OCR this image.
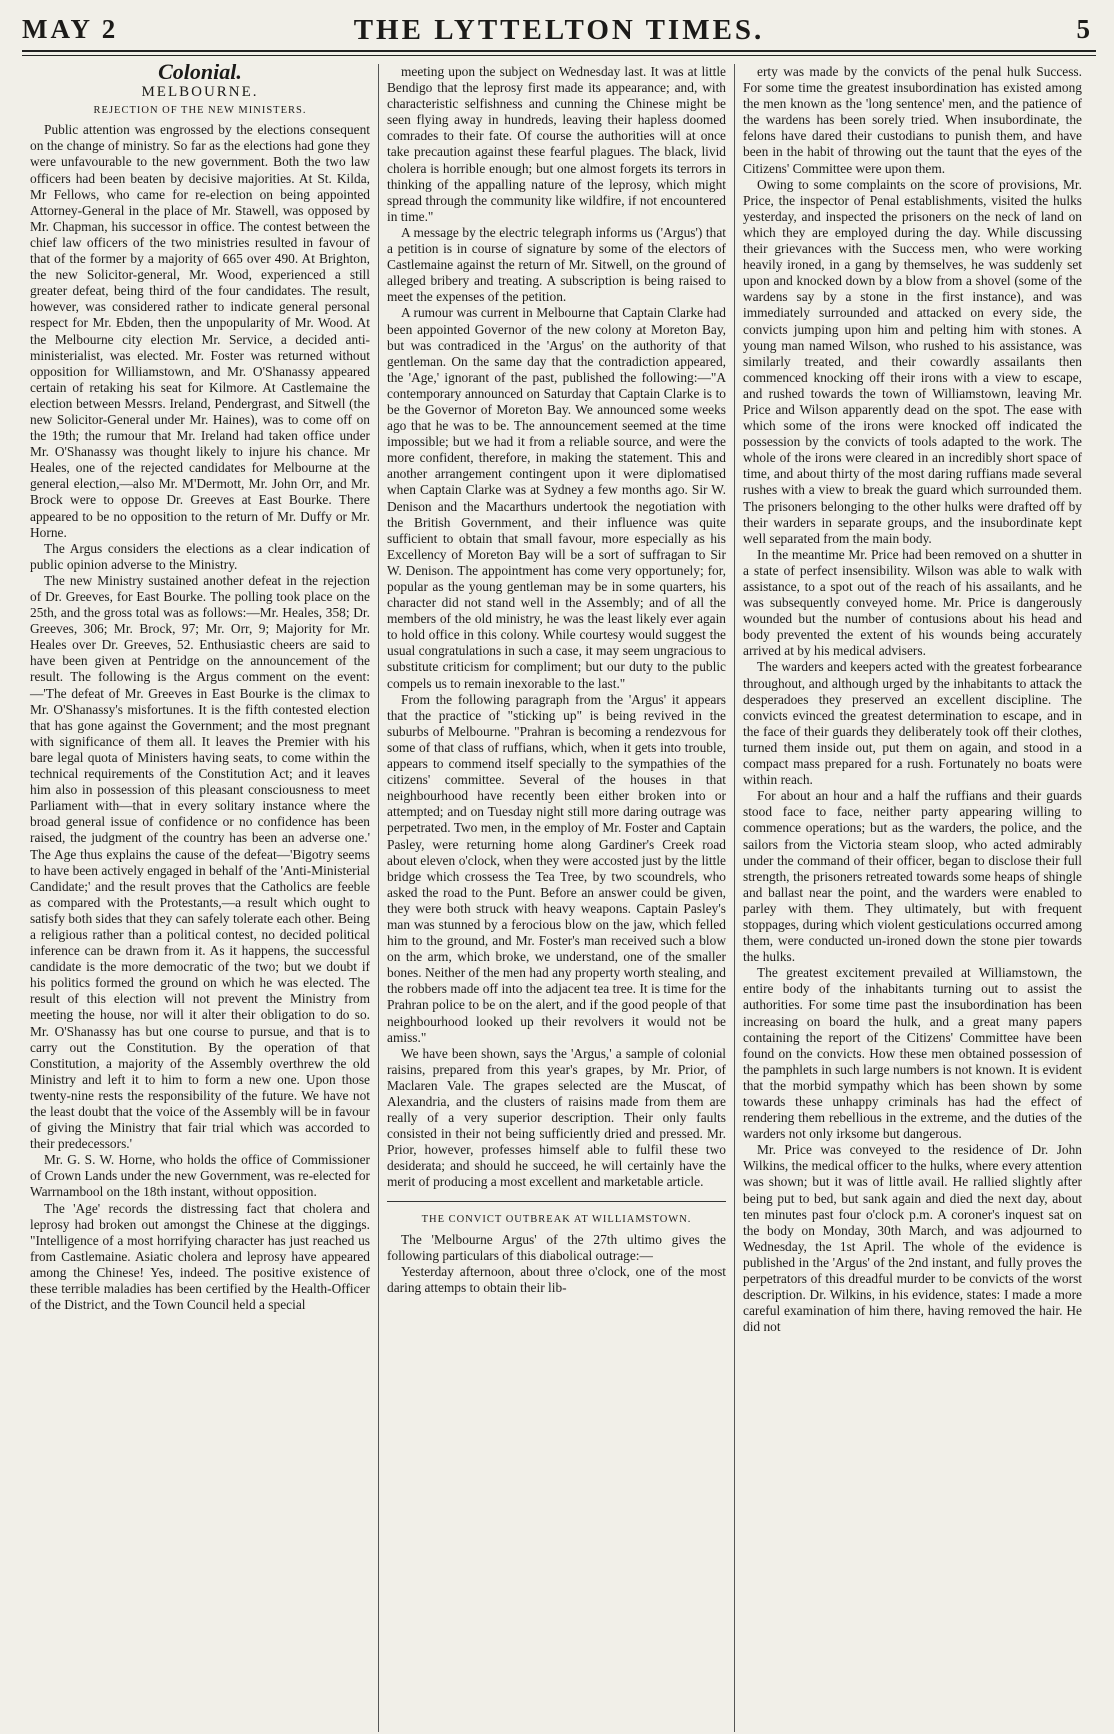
MAY 2	THE LYTTELTON TIMES.	5
Colonial.
MELBOURNE.
REJECTION OF THE NEW MINISTERS.

Public attention was engrossed by the elections consequent on the change of ministry. So far as the elections had gone they were unfavourable to the new government. Both the two law officers had been beaten by decisive majorities. At St. Kilda, Mr Fellows, who came for re-election on being appointed Attorney-General in the place of Mr. Stawell, was opposed by Mr. Chapman, his successor in office. The contest between the chief law officers of the two ministries resulted in favour of that of the former by a majority of 665 over 490. At Brighton, the new Solicitor-general, Mr. Wood, experienced a still greater defeat, being third of the four candidates. The result, however, was considered rather to indicate general personal respect for Mr. Ebden, then the unpopularity of Mr. Wood. At the Melbourne city election Mr. Service, a decided anti-ministerialist, was elected. Mr. Foster was returned without opposition for Williamstown, and Mr. O'Shanassy appeared certain of retaking his seat for Kilmore. At Castlemaine the election between Messrs. Ireland, Pendergrast, and Sitwell (the new Solicitor-General under Mr. Haines), was to come off on the 19th; the rumour that Mr. Ireland had taken office under Mr. O'Shanassy was thought likely to injure his chance. Mr Heales, one of the rejected candidates for Melbourne at the general election,—also Mr. M'Dermott, Mr. John Orr, and Mr. Brock were to oppose Dr. Greeves at East Bourke. There appeared to be no opposition to the return of Mr. Duffy or Mr. Horne.

The Argus considers the elections as a clear indication of public opinion adverse to the Ministry.

The new Ministry sustained another defeat in the rejection of Dr. Greeves, for East Bourke. The polling took place on the 25th, and the gross total was as follows:—Mr. Heales, 358; Dr. Greeves, 306; Mr. Brock, 97; Mr. Orr, 9; Majority for Mr. Heales over Dr. Greeves, 52. Enthusiastic cheers are said to have been given at Pentridge on the announcement of the result. The following is the Argus comment on the event:—'The defeat of Mr. Greeves in East Bourke is the climax to Mr. O'Shanassy's misfortunes. It is the fifth contested election that has gone against the Government; and the most pregnant with significance of them all. It leaves the Premier with his bare legal quota of Ministers having seats, to come within the technical requirements of the Constitution Act; and it leaves him also in possession of this pleasant consciousness to meet Parliament with—that in every solitary instance where the broad general issue of confidence or no confidence has been raised, the judgment of the country has been an adverse one.' The Age thus explains the cause of the defeat—'Bigotry seems to have been actively engaged in behalf of the 'Anti-Ministerial Candidate;' and the result proves that the Catholics are feeble as compared with the Protestants,—a result which ought to satisfy both sides that they can safely tolerate each other. Being a religious rather than a political contest, no decided political inference can be drawn from it. As it happens, the successful candidate is the more democratic of the two; but we doubt if his politics formed the ground on which he was elected. The result of this election will not prevent the Ministry from meeting the house, nor will it alter their obligation to do so. Mr. O'Shanassy has but one course to pursue, and that is to carry out the Constitution. By the operation of that Constitution, a majority of the Assembly overthrew the old Ministry and left it to him to form a new one. Upon those twenty-nine rests the responsibility of the future. We have not the least doubt that the voice of the Assembly will be in favour of giving the Ministry that fair trial which was accorded to their predecessors.'

Mr. G. S. W. Horne, who holds the office of Commissioner of Crown Lands under the new Government, was re-elected for Warrnambool on the 18th instant, without opposition.

The 'Age' records the distressing fact that cholera and leprosy had broken out amongst the Chinese at the diggings. "Intelligence of a most horrifying character has just reached us from Castlemaine. Asiatic cholera and leprosy have appeared among the Chinese! Yes, indeed. The positive existence of these terrible maladies has been certified by the Health-Officer of the District, and the Town Council held a special

meeting upon the subject on Wednesday last. It was at little Bendigo that the leprosy first made its appearance; and, with characteristic selfishness and cunning the Chinese might be seen flying away in hundreds, leaving their hapless doomed comrades to their fate. Of course the authorities will at once take precaution against these fearful plagues. The black, livid cholera is horrible enough; but one almost forgets its terrors in thinking of the appalling nature of the leprosy, which might spread through the community like wildfire, if not encountered in time."

A message by the electric telegraph informs us ('Argus') that a petition is in course of signature by some of the electors of Castlemaine against the return of Mr. Sitwell, on the ground of alleged bribery and treating. A subscription is being raised to meet the expenses of the petition.

A rumour was current in Melbourne that Captain Clarke had been appointed Governor of the new colony at Moreton Bay, but was contradiced in the 'Argus' on the authority of that gentleman. On the same day that the contradiction appeared, the 'Age,' ignorant of the past, published the following:—"A contemporary announced on Saturday that Captain Clarke is to be the Governor of Moreton Bay. We announced some weeks ago that he was to be. The announcement seemed at the time impossible; but we had it from a reliable source, and were the more confident, therefore, in making the statement. This and another arrangement contingent upon it were diplomatised when Captain Clarke was at Sydney a few months ago. Sir W. Denison and the Macarthurs undertook the negotiation with the British Government, and their influence was quite sufficient to obtain that small favour, more especially as his Excellency of Moreton Bay will be a sort of suffragan to Sir W. Denison. The appointment has come very opportunely; for, popular as the young gentleman may be in some quarters, his character did not stand well in the Assembly; and of all the members of the old ministry, he was the least likely ever again to hold office in this colony. While courtesy would suggest the usual congratulations in such a case, it may seem ungracious to substitute criticism for compliment; but our duty to the public compels us to remain inexorable to the last."

From the following paragraph from the 'Argus' it appears that the practice of "sticking up" is being revived in the suburbs of Melbourne. "Prahran is becoming a rendezvous for some of that class of ruffians, which, when it gets into trouble, appears to commend itself specially to the sympathies of the citizens' committee. Several of the houses in that neighbourhood have recently been either broken into or attempted; and on Tuesday night still more daring outrage was perpetrated. Two men, in the employ of Mr. Foster and Captain Pasley, were returning home along Gardiner's Creek road about eleven o'clock, when they were accosted just by the little bridge which crossess the Tea Tree, by two scoundrels, who asked the road to the Punt. Before an answer could be given, they were both struck with heavy weapons. Captain Pasley's man was stunned by a ferocious blow on the jaw, which felled him to the ground, and Mr. Foster's man received such a blow on the arm, which broke, we understand, one of the smaller bones. Neither of the men had any property worth stealing, and the robbers made off into the adjacent tea tree. It is time for the Prahran police to be on the alert, and if the good people of that neighbourhood looked up their revolvers it would not be amiss."

We have been shown, says the 'Argus,' a sample of colonial raisins, prepared from this year's grapes, by Mr. Prior, of Maclaren Vale. The grapes selected are the Muscat, of Alexandria, and the clusters of raisins made from them are really of a very superior description. Their only faults consisted in their not being sufficiently dried and pressed. Mr. Prior, however, professes himself able to fulfil these two desiderata; and should he succeed, he will certainly have the merit of producing a most excellent and marketable article.

THE CONVICT OUTBREAK AT WILLIAMSTOWN.

The 'Melbourne Argus' of the 27th ultimo gives the following particulars of this diabolical outrage:—

Yesterday afternoon, about three o'clock, one of the most daring attemps to obtain their lib-

erty was made by the convicts of the penal hulk Success. For some time the greatest insubordination has existed among the men known as the 'long sentence' men, and the patience of the wardens has been sorely tried. When insubordinate, the felons have dared their custodians to punish them, and have been in the habit of throwing out the taunt that the eyes of the Citizens' Committee were upon them.

Owing to some complaints on the score of provisions, Mr. Price, the inspector of Penal establishments, visited the hulks yesterday, and inspected the prisoners on the neck of land on which they are employed during the day. While discussing their grievances with the Success men, who were working heavily ironed, in a gang by themselves, he was suddenly set upon and knocked down by a blow from a shovel (some of the wardens say by a stone in the first instance), and was immediately surrounded and attacked on every side, the convicts jumping upon him and pelting him with stones. A young man named Wilson, who rushed to his assistance, was similarly treated, and their cowardly assailants then commenced knocking off their irons with a view to escape, and rushed towards the town of Williamstown, leaving Mr. Price and Wilson apparently dead on the spot. The ease with which some of the irons were knocked off indicated the possession by the convicts of tools adapted to the work. The whole of the irons were cleared in an incredibly short space of time, and about thirty of the most daring ruffians made several rushes with a view to break the guard which surrounded them. The prisoners belonging to the other hulks were drafted off by their warders in separate groups, and the insubordinate kept well separated from the main body.

In the meantime Mr. Price had been removed on a shutter in a state of perfect insensibility. Wilson was able to walk with assistance, to a spot out of the reach of his assailants, and he was subsequently conveyed home. Mr. Price is dangerously wounded but the number of contusions about his head and body prevented the extent of his wounds being accurately arrived at by his medical advisers.

The warders and keepers acted with the greatest forbearance throughout, and although urged by the inhabitants to attack the desperadoes they preserved an excellent discipline. The convicts evinced the greatest determination to escape, and in the face of their guards they deliberately took off their clothes, turned them inside out, put them on again, and stood in a compact mass prepared for a rush. Fortunately no boats were within reach.

For about an hour and a half the ruffians and their guards stood face to face, neither party appearing willing to commence operations; but as the warders, the police, and the sailors from the Victoria steam sloop, who acted admirably under the command of their officer, began to disclose their full strength, the prisoners retreated towards some heaps of shingle and ballast near the point, and the warders were enabled to parley with them. They ultimately, but with frequent stoppages, during which violent gesticulations occurred among them, were conducted un-ironed down the stone pier towards the hulks.

The greatest excitement prevailed at Williamstown, the entire body of the inhabitants turning out to assist the authorities. For some time past the insubordination has been increasing on board the hulk, and a great many papers containing the report of the Citizens' Committee have been found on the convicts. How these men obtained possession of the pamphlets in such large numbers is not known. It is evident that the morbid sympathy which has been shown by some towards these unhappy criminals has had the effect of rendering them rebellious in the extreme, and the duties of the warders not only irksome but dangerous.

Mr. Price was conveyed to the residence of Dr. John Wilkins, the medical officer to the hulks, where every attention was shown; but it was of little avail. He rallied slightly after being put to bed, but sank again and died the next day, about ten minutes past four o'clock p.m. A coroner's inquest sat on the body on Monday, 30th March, and was adjourned to Wednesday, the 1st April. The whole of the evidence is published in the 'Argus' of the 2nd instant, and fully proves the perpetrators of this dreadful murder to be convicts of the worst description. Dr. Wilkins, in his evidence, states: I made a more careful examination of him there, having removed the hair. He did not
